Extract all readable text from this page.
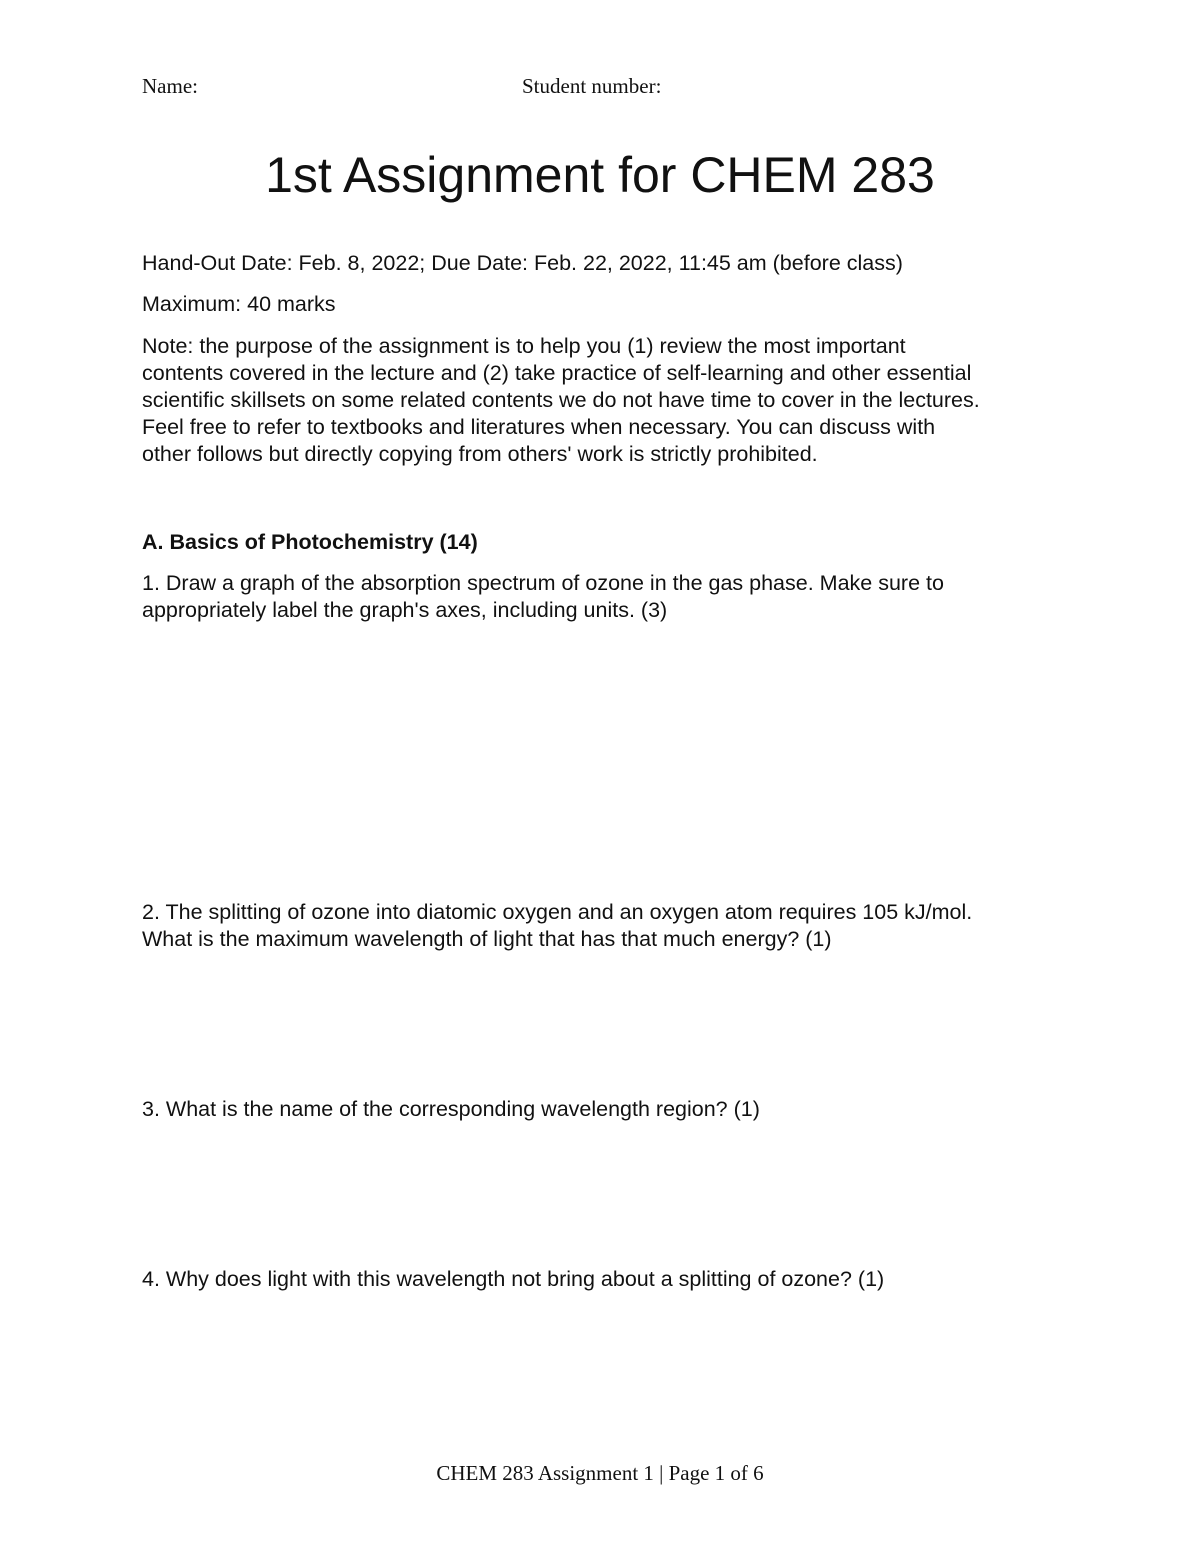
Name:	Student number:
1st Assignment for CHEM 283
Hand-Out Date: Feb. 8, 2022; Due Date: Feb. 22, 2022, 11:45 am (before class)
Maximum: 40 marks
Note: the purpose of the assignment is to help you (1) review the most important
contents covered in the lecture and (2) take practice of self-learning and other essential
scientific skillsets on some related contents we do not have time to cover in the lectures.
Feel free to refer to textbooks and literatures when necessary. You can discuss with
other follows but directly copying from others' work is strictly prohibited.
A. Basics of Photochemistry (14)
1. Draw a graph of the absorption spectrum of ozone in the gas phase. Make sure to
appropriately label the graph's axes, including units. (3)
2. The splitting of ozone into diatomic oxygen and an oxygen atom requires 105 kJ/mol.
What is the maximum wavelength of light that has that much energy? (1)
3. What is the name of the corresponding wavelength region? (1)
4. Why does light with this wavelength not bring about a splitting of ozone? (1)
CHEM 283 Assignment 1 | Page 1 of 6
